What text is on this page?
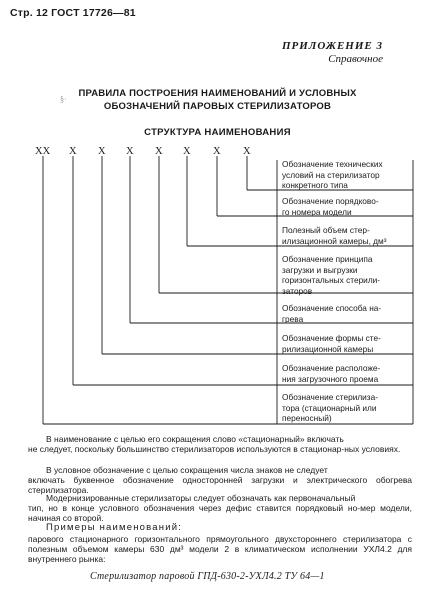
Стр. 12 ГОСТ 17726—81
ПРИЛОЖЕНИЕ 3
Справочное
§·
ПРАВИЛА ПОСТРОЕНИЯ НАИМЕНОВАНИЙ И УСЛОВНЫХ
ОБОЗНАЧЕНИЙ ПАРОВЫХ СТЕРИЛИЗАТОРОВ
СТРУКТУРА НАИМЕНОВАНИЯ
ХХ Х Х Х Х Х Х Х
Обозначение технических
условий на стерилизатор
конкретного типа
Обозначение порядково-
го номера модели
Полезный объем стер-
илизационной камеры, дм³
Обозначение принципа
загрузки и выгрузки
горизонтальных стерили-
заторов
Обозначение способа на-
грева
Обозначение формы сте-
рилизационной камеры
Обозначение расположе-
ния загрузочного проема
Обозначение стерилиза-
тора (стационарный или
переносный)
В наименование с целью его сокращения слово «стационарный» включать
не следует, поскольку большинство стерилизаторов используются в стационар-ных условиях.
В условное обозначение с целью сокращения числа знаков не следует
включать буквенное обозначение односторонней загрузки и электрического обогрева стерилизатора.
Модернизированные стерилизаторы следует обозначать как первоначальный
тип, но в конце условного обозначения через дефис ставится порядковый но-мер модели, начиная со второй.
Примеры наименований:
парового стационарного горизонтального прямоугольного двухстороннего стерилизатора с полезным объемом камеры 630 дм³ модели 2 в климатическом исполнении УХЛ4.2 для внутреннего рынка:
Стерилизатор паровой ГПД-630-2-УХЛ4.2 ТУ 64—1
